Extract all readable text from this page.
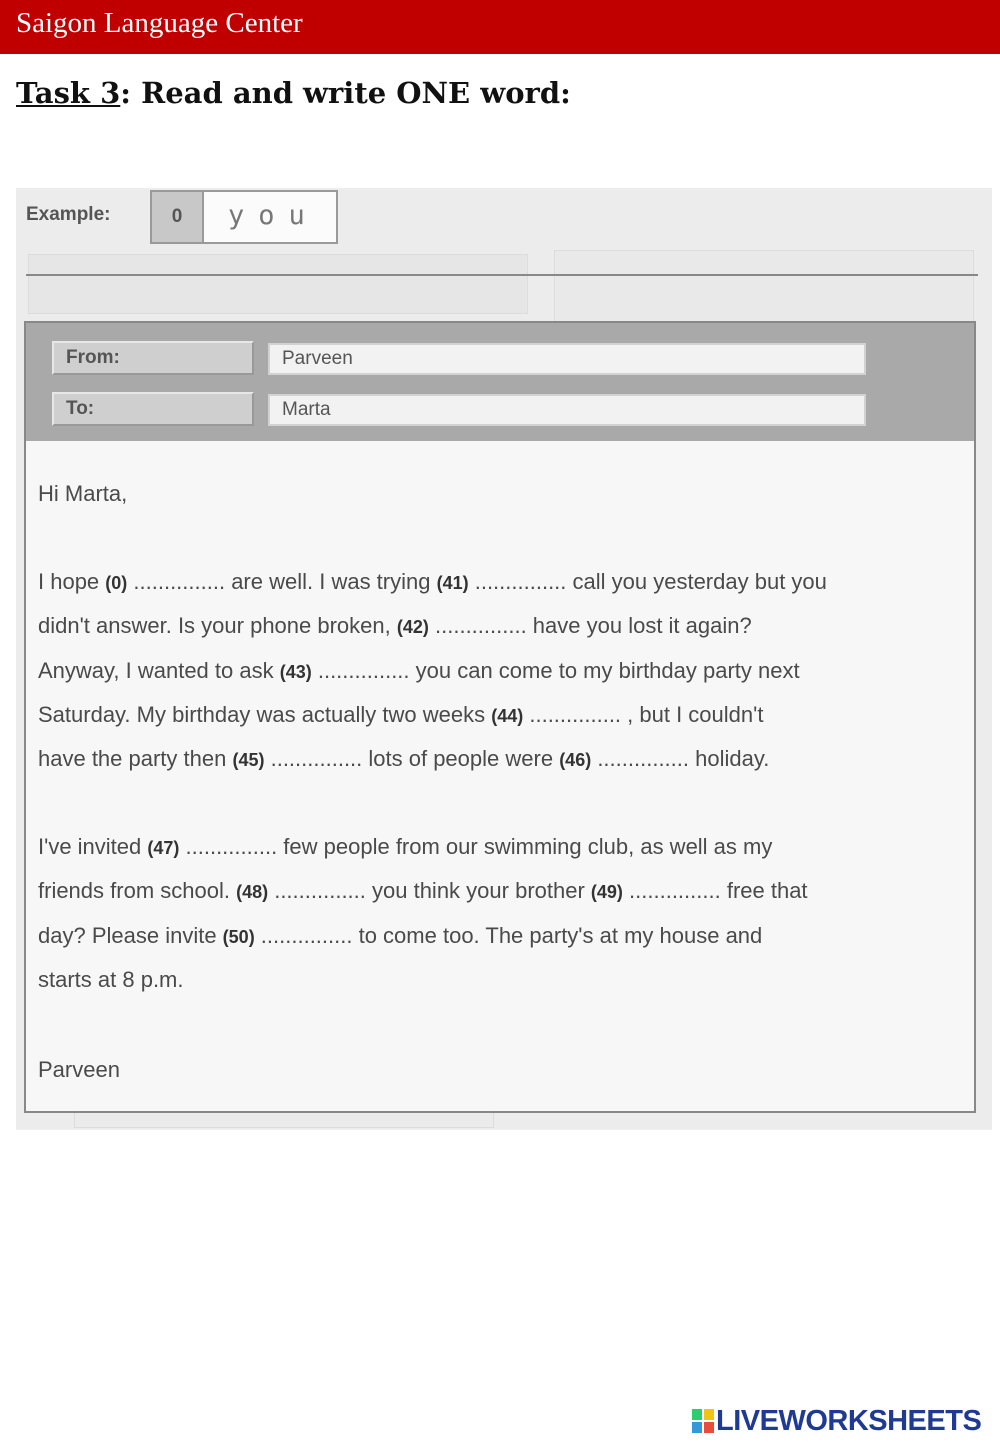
Saigon Language Center
Task 3: Read and write ONE word:
Example:	0	you
From:	Parveen
To:	Marta
Hi Marta,
I hope (0) ............... are well. I was trying (41) ............... call you yesterday but you
didn't answer. Is your phone broken, (42) ............... have you lost it again?
Anyway, I wanted to ask (43) ............... you can come to my birthday party next
Saturday. My birthday was actually two weeks (44) ............... , but I couldn't
have the party then (45) ............... lots of people were (46) ............... holiday.
I've invited (47) ............... few people from our swimming club, as well as my
friends from school. (48) ............... you think your brother (49) ............... free that
day? Please invite (50) ............... to come too. The party's at my house and
starts at 8 p.m.
Parveen
LIVEWORKSHEETS
